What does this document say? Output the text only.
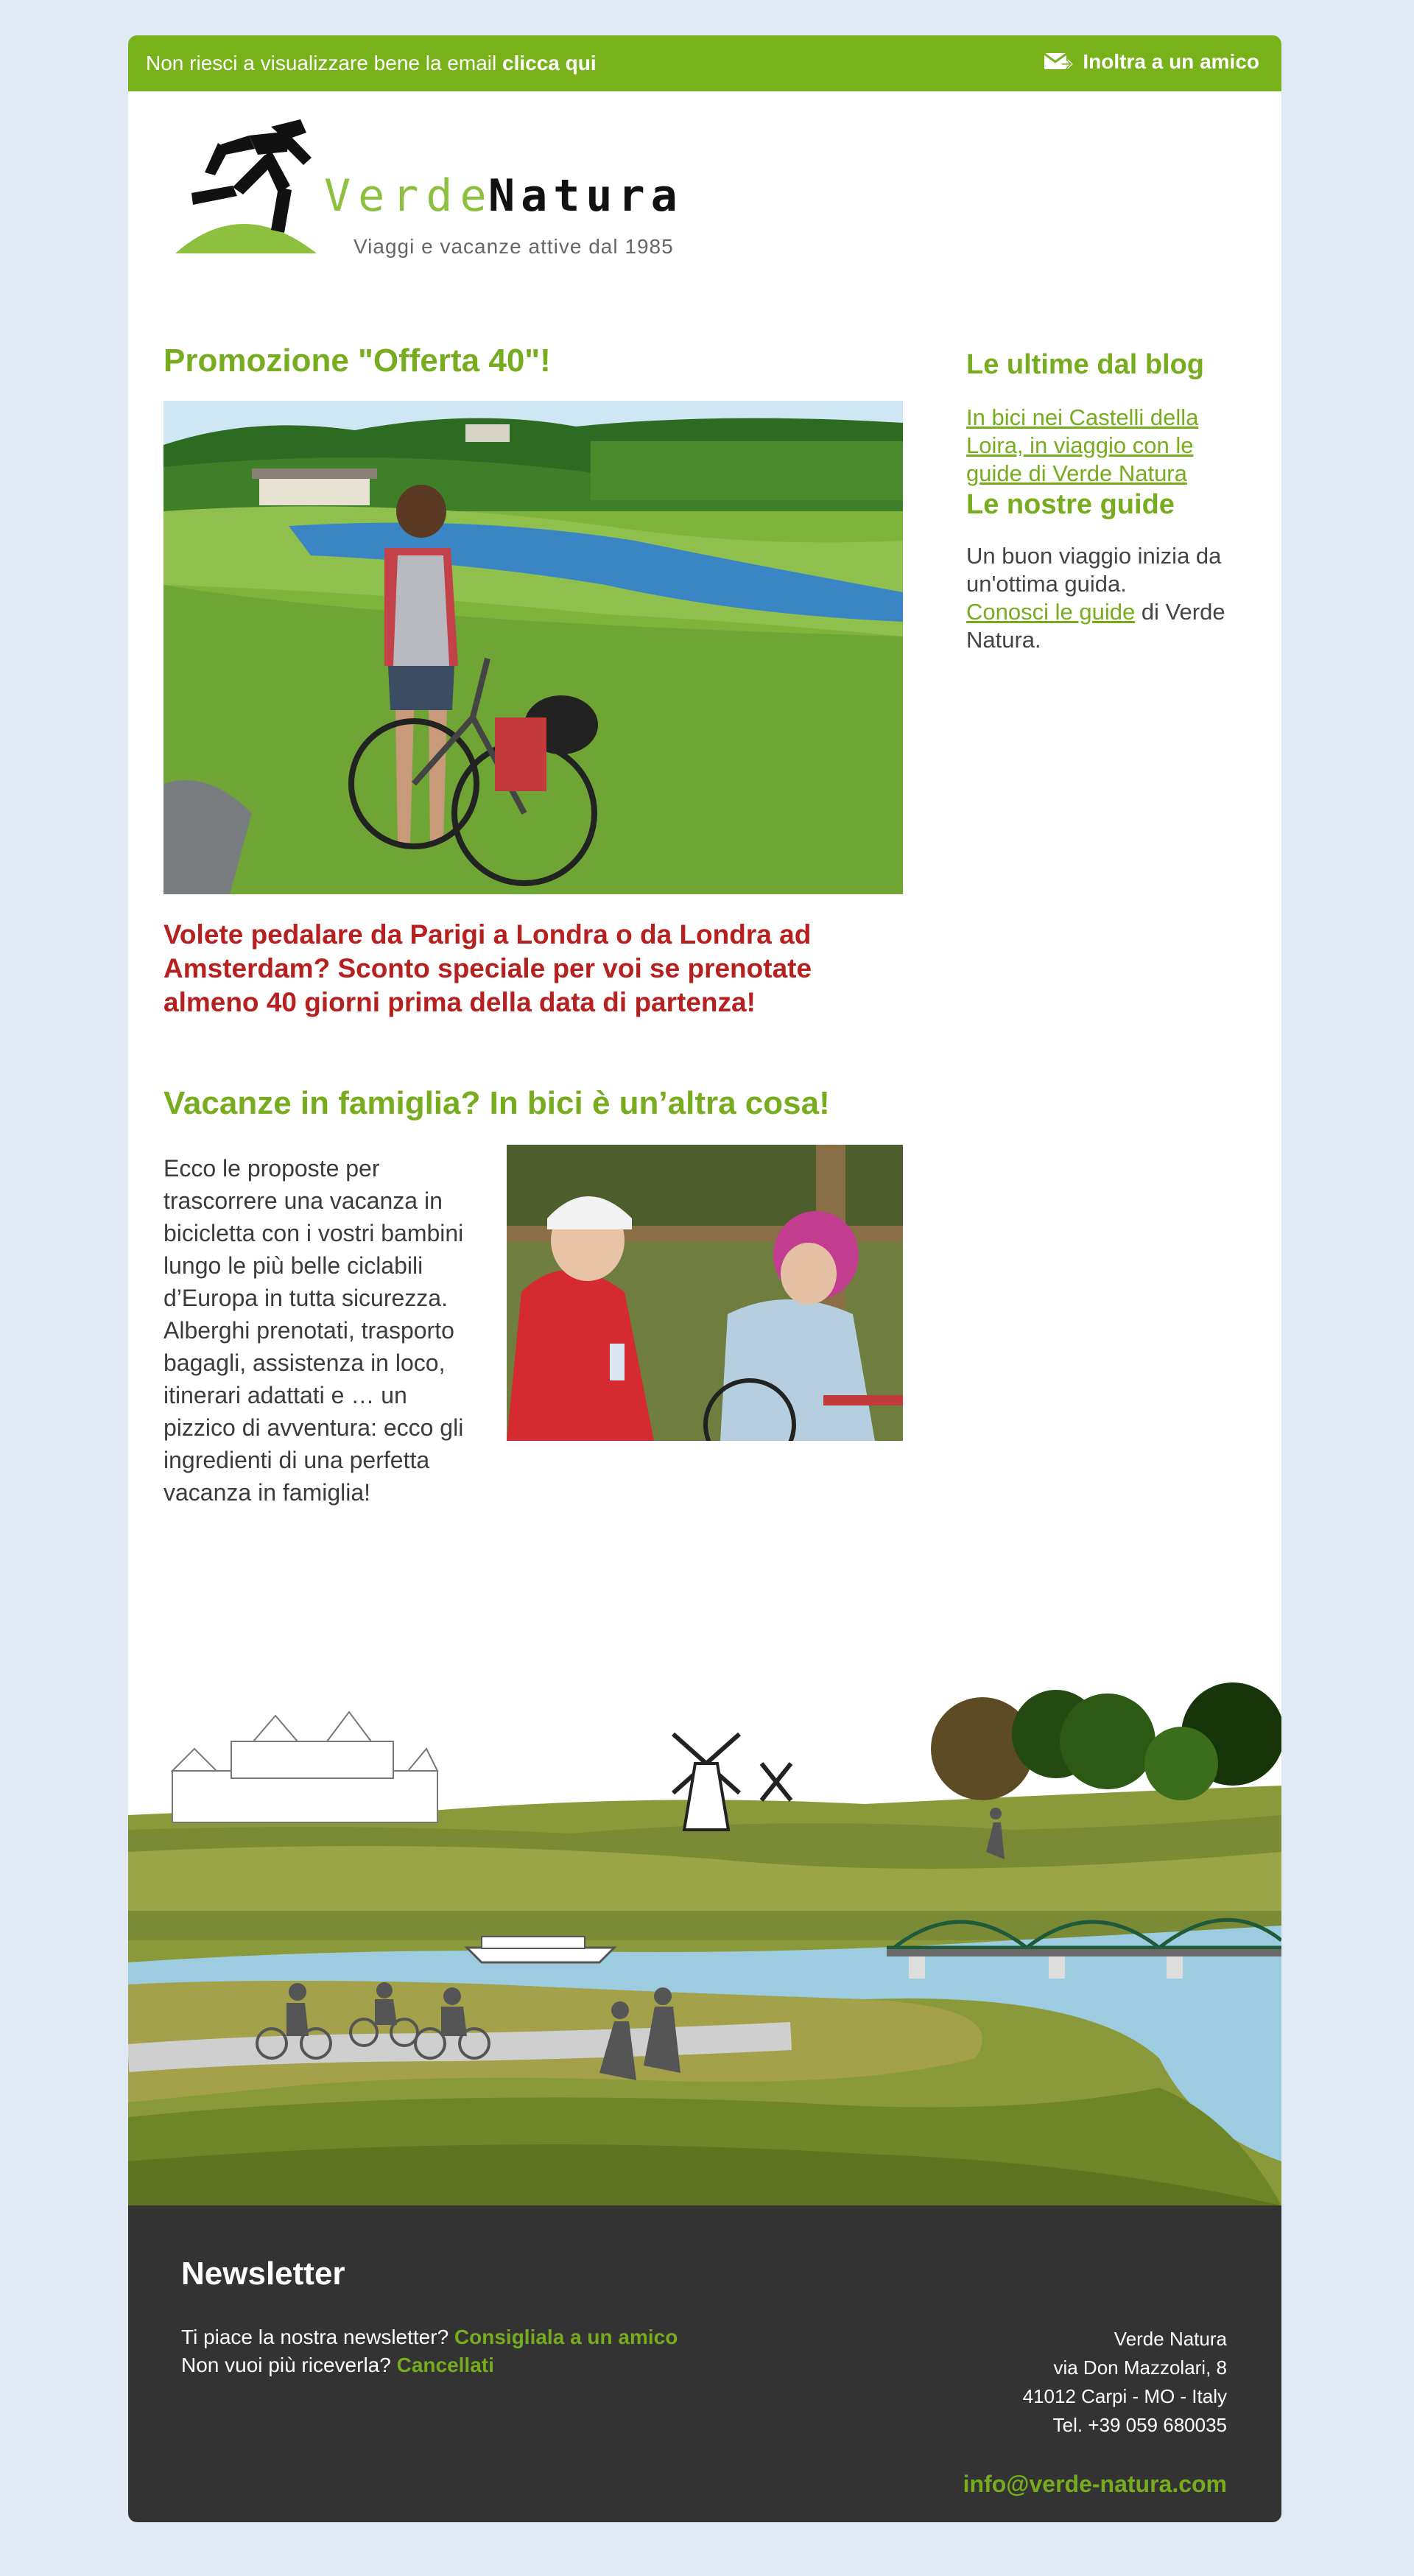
Non riesci a visualizzare bene la email clicca qui	Inoltra a un amico
Verde
Natura
Viaggi e vacanze attive dal 1985
Promozione "Offerta 40"!
Volete pedalare da Parigi a Londra o da Londra ad Amsterdam? Sconto speciale per voi se prenotate almeno 40 giorni prima della data di partenza!
Vacanze in famiglia? In bici è un’altra cosa!
Ecco le proposte per trascorrere una vacanza in bicicletta con i vostri bambini lungo le più belle ciclabili d’Europa in tutta sicurezza. Alberghi prenotati, trasporto bagagli, assistenza in loco, itinerari adattati e … un pizzico di avventura: ecco gli ingredienti di una perfetta vacanza in famiglia!
Le ultime dal blog
In bici nei Castelli della Loira, in viaggio con le guide di Verde Natura
Le nostre guide

Un buon viaggio inizia da un'ottima guida.
Conosci le guide di Verde Natura.

Newsletter
Ti piace la nostra newsletter? Consigliala a un amico
Non vuoi più riceverla? Cancellati
Verde Natura
via Don Mazzolari, 8
41012 Carpi - MO - Italy
Tel. +39 059 680035
info@verde-natura.com
